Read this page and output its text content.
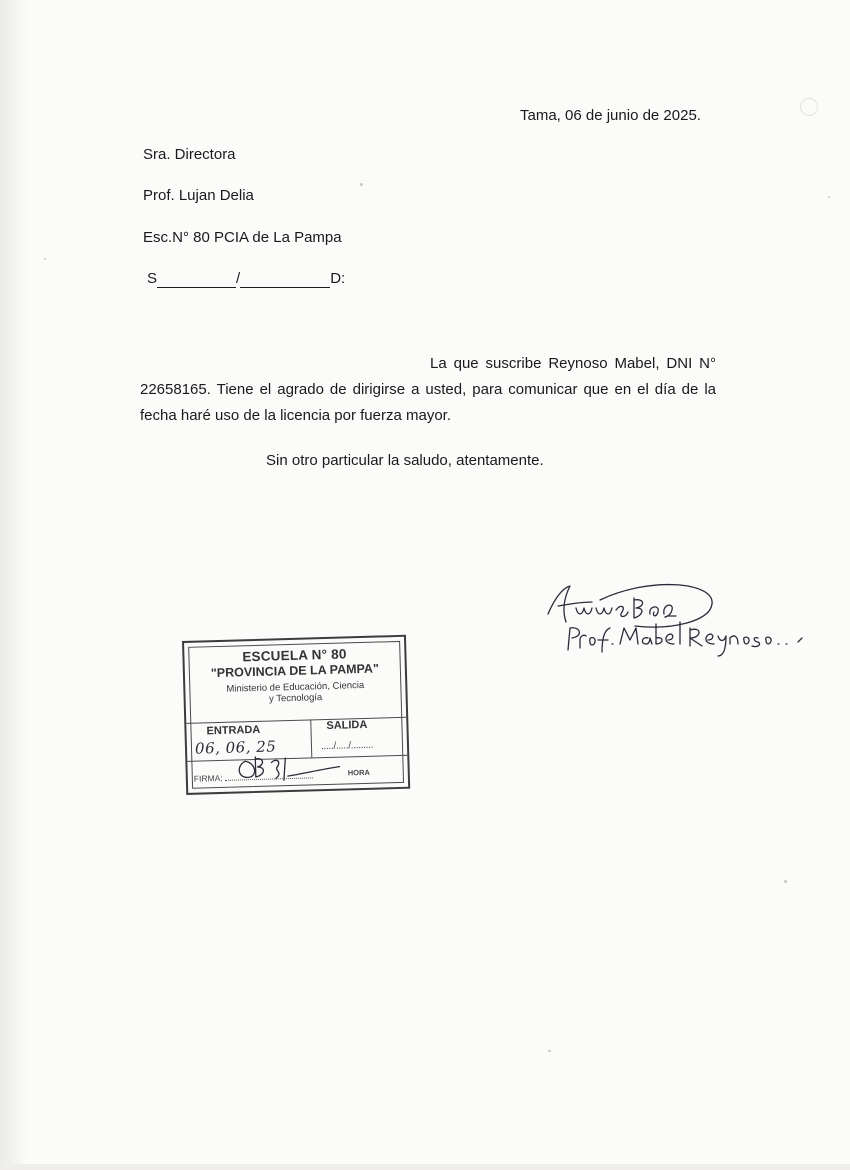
Tama, 06 de junio de 2025.
Sra. Directora
Prof. Lujan Delia
Esc.N° 80 PCIA de La Pampa
S	/	D:

La que suscribe Reynoso Mabel, DNI N° 22658165. Tiene el agrado de dirigirse a usted, para comunicar que en el día de la fecha haré uso de la licencia por fuerza mayor.

Sin otro particular la saludo, atentamente.
ESCUELA N° 80
"PROVINCIA DE LA PAMPA"
Ministerio de Educación, Ciencia
y Tecnología
ENTRADA	SALIDA
06, 06, 25	...../...../.........
FIRMA:
HORA
